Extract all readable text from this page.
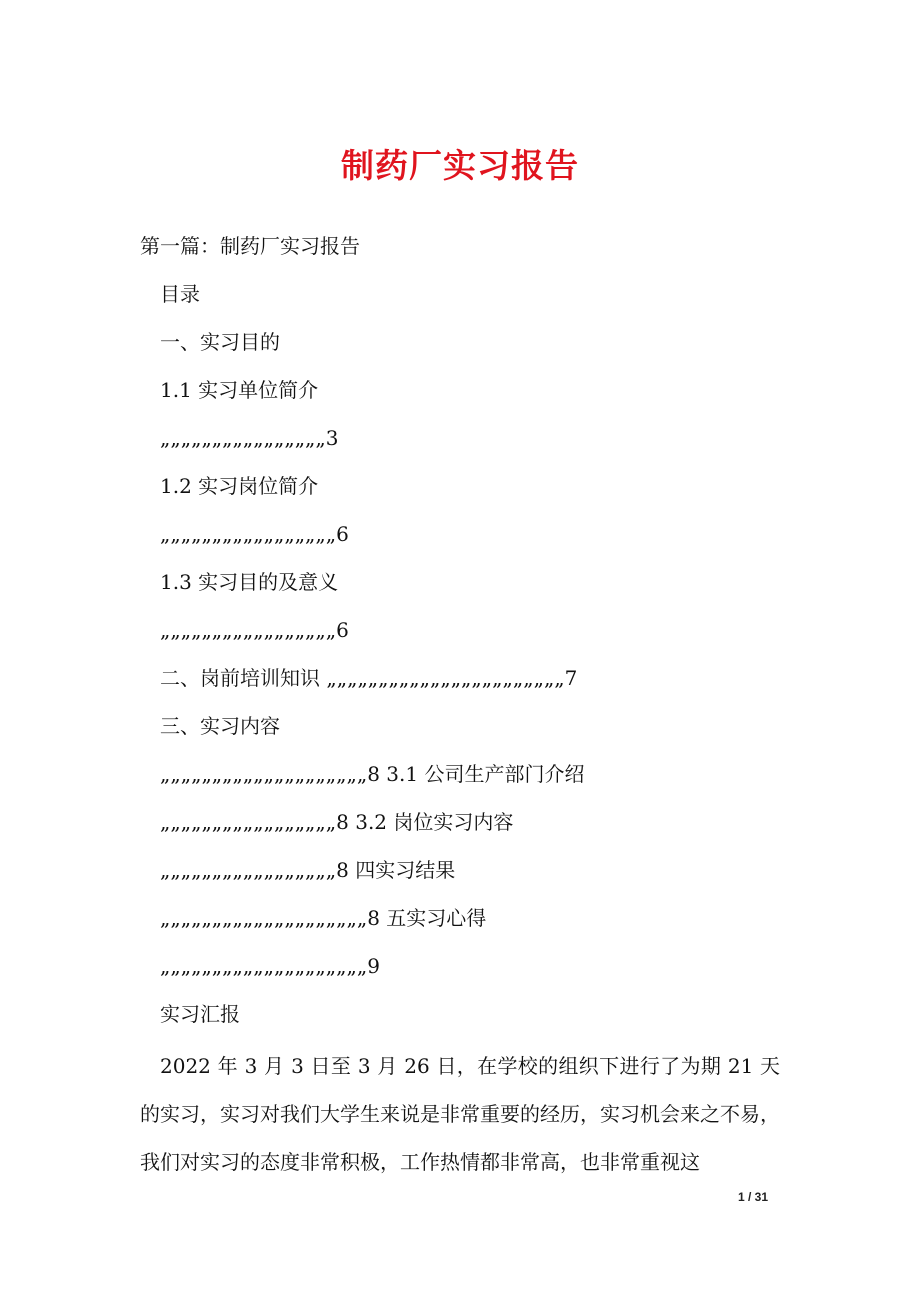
制药厂实习报告
第一篇：制药厂实习报告
目录
一、实习目的
1.1 实习单位简介
„„„„„„„„„„„„„„„„3
1.2 实习岗位简介
„„„„„„„„„„„„„„„„„6
1.3 实习目的及意义
„„„„„„„„„„„„„„„„„6
二、岗前培训知识 „„„„„„„„„„„„„„„„„„„„„„„7
三、实习内容
„„„„„„„„„„„„„„„„„„„„8 3.1 公司生产部门介绍
„„„„„„„„„„„„„„„„„8 3.2 岗位实习内容
„„„„„„„„„„„„„„„„„8 四实习结果
„„„„„„„„„„„„„„„„„„„„8 五实习心得
„„„„„„„„„„„„„„„„„„„„9
实习汇报
2022 年 3 月 3 日至 3 月 26 日，在学校的组织下进行了为期 21 天的实习，实习对我们大学生来说是非常重要的经历，实习机会来之不易，我们对实习的态度非常积极，工作热情都非常高，也非常重视这
1 / 31
